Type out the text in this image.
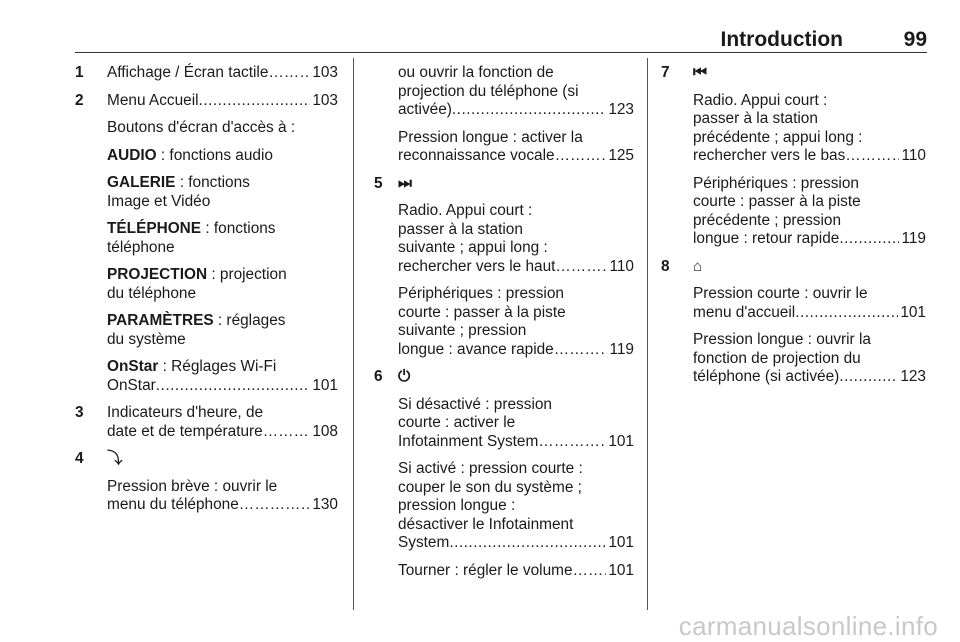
Introduction	99
1 Affichage / Écran tactile ……………………………………………………………………	103
2 Menu Accueil .....	103
Boutons d'écran d'accès à :
AUDIO : fonctions audio
GALERIE : fonctions
Image et Vidéo
TÉLÉPHONE : fonctions
téléphone
PROJECTION : projection
du téléphone
PARAMÈTRES : réglages
du système
OnStar : Réglages Wi-Fi
OnStar .....	101
3 Indicateurs d'heure, de
date et de température ……………………………………………………………………	108
4 ⤵
Pression brève : ouvrir le
menu du téléphone ……………………………………………………………………	130
ou ouvrir la fonction de
projection du téléphone (si
activée) .....	123
Pression longue : activer la
reconnaissance vocale ……………………………………………………………………	125
5 ⏭
Radio. Appui court :
passer à la station
suivante ; appui long :
rechercher vers le haut ……………………………………………………………………	110
Périphériques : pression
courte : passer à la piste
suivante ; pression
longue : avance rapide ……………………………………………………………………	119
6 ⏻
Si désactivé : pression
courte : activer le
Infotainment System ……………………………………………………………………	101
Si activé : pression courte :
couper le son du système ;
pression longue :
désactiver le Infotainment
System .....	101
Tourner : régler le volume …………………………………………………………………… 101
7 ⏮
Radio. Appui court :
passer à la station
précédente ; appui long :
rechercher vers le bas ……………………………………………………………………	110
Périphériques : pression
courte : passer à la piste
précédente ; pression
longue : retour rapide .....	119
8 ⌂
Pression courte : ouvrir le
menu d'accueil .....	101
Pression longue : ouvrir la
fonction de projection du
téléphone (si activée) .....	123
carmanualsonline.info
